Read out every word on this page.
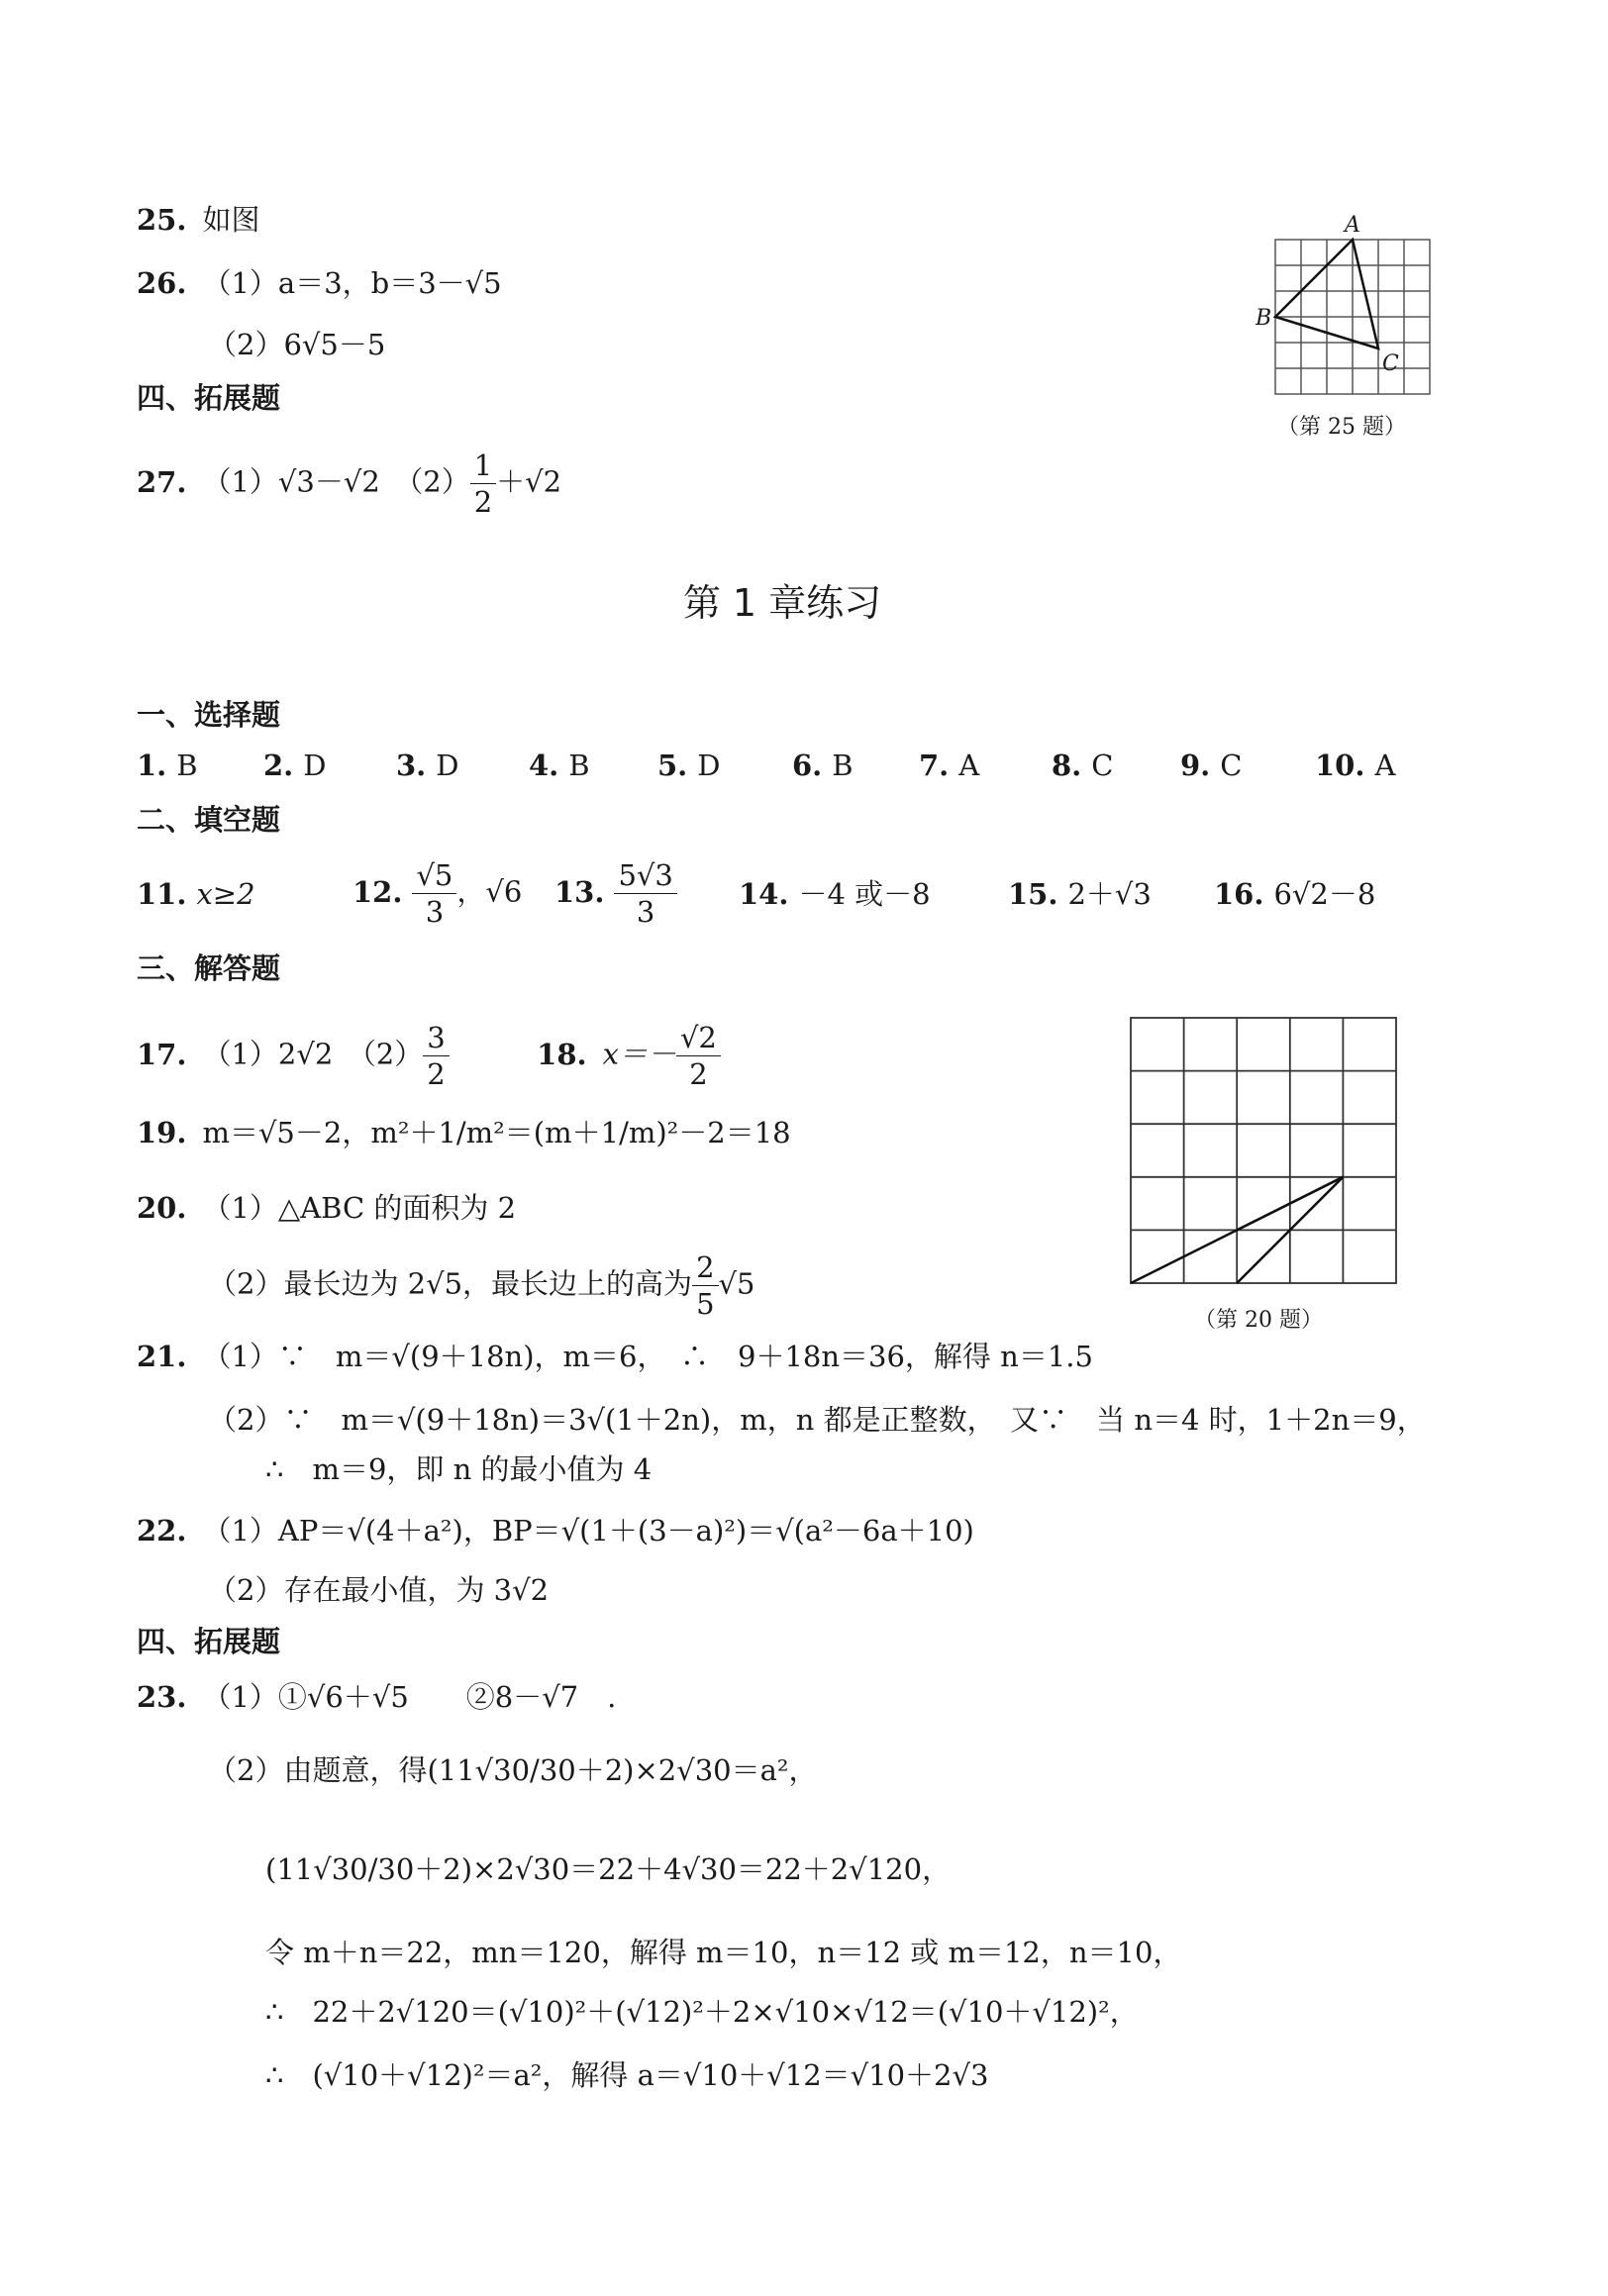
25. 如图
26. （1）a＝3，b＝3－√5
（2）6√5－5
四、拓展题
27. （1）√3－√2　$(2) \frac{1}{2} +√2$
A
B
C
（第 25 题）
第 1 章练习
一、选择题
1. B 2. D 3. D 4. B 5. D 6. B 7. A	8. C 9. C	10. A
二、填空题
11. x≥2	12. $\frac{√5}{3}$ ，√6 13. $\frac{5√3}{3} 14$. －4 或－8	15. 2＋√3 16. 6√2－8
三、解答题
17. （1）2√2　$(2) \frac{3}{2}$	18. $x=- \frac{√2}{2}$
19. m＝√5－2，m²＋1/m²＝(m＋1/m)²－2＝18
20. （1）△ABC 的面积为 2
（2）最长边为 2√5，最长边上的高为 $\frac{2}{5} √5$
（第 20 题）
21. （1）∵　m＝√(9＋18n)，m＝6，　∴　9＋18n＝36，解得 n＝1.5
（2）∵　m＝√(9＋18n)＝3√(1＋2n)，m，n 都是正整数，　又∵　当 n＝4 时，1＋2n＝9，
∴　m＝9，即 n 的最小值为 4
22. （1）AP＝√(4＋a²)，BP＝√(1＋(3－a)²)＝√(a²－6a＋10)
（2）存在最小值，为 3√2
四、拓展题
23. （1）①√6＋√5　　②8－√7　.
（2）由题意，得(11√30/30＋2)×2√30＝a²，
(11√30/30＋2)×2√30＝22＋4√30＝22＋2√120，
令 m＋n＝22，mn＝120，解得 m＝10，n＝12 或 m＝12，n＝10，
∴　22＋2√120＝(√10)²＋(√12)²＋2×√10×√12＝(√10＋√12)²，
∴　(√10＋√12)²＝a²，解得 a＝√10＋√12＝√10＋2√3
